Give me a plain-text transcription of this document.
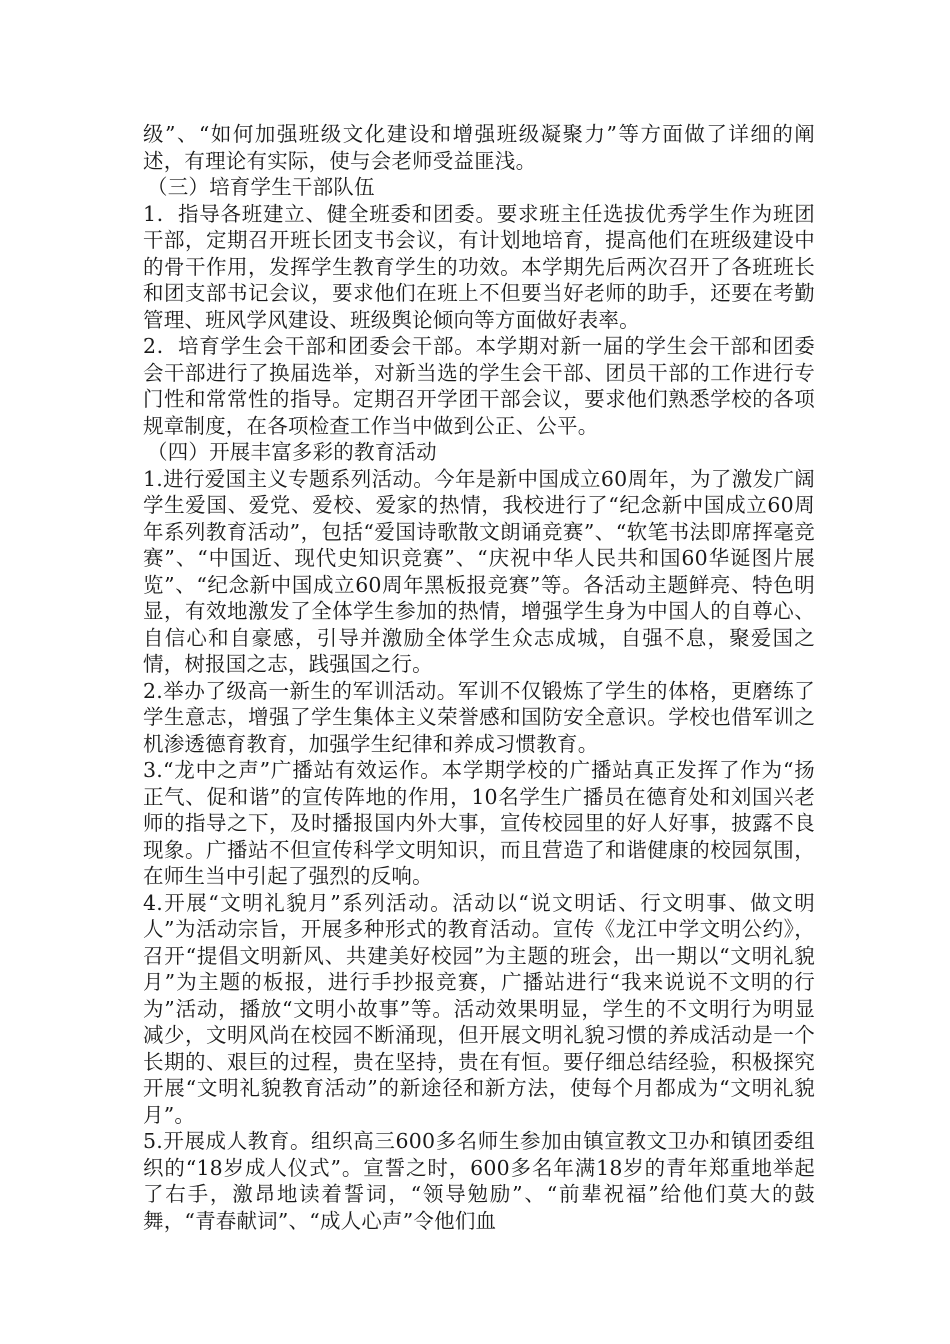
级”、“如何加强班级文化建设和增强班级凝聚力”等方面做了详细的阐述，有理论有实际，使与会老师受益匪浅。

（三）培育学生干部队伍

1．指导各班建立、健全班委和团委。要求班主任选拔优秀学生作为班团干部，定期召开班长团支书会议，有计划地培育，提高他们在班级建设中的骨干作用，发挥学生教育学生的功效。本学期先后两次召开了各班班长和团支部书记会议，要求他们在班上不但要当好老师的助手，还要在考勤管理、班风学风建设、班级舆论倾向等方面做好表率。

2．培育学生会干部和团委会干部。本学期对新一届的学生会干部和团委会干部进行了换届选举，对新当选的学生会干部、团员干部的工作进行专门性和常常性的指导。定期召开学团干部会议，要求他们熟悉学校的各项规章制度，在各项检查工作当中做到公正、公平。

（四）开展丰富多彩的教育活动

1.进行爱国主义专题系列活动。今年是新中国成立60周年，为了激发广阔学生爱国、爱党、爱校、爱家的热情，我校进行了“纪念新中国成立60周年系列教育活动”，包括“爱国诗歌散文朗诵竞赛”、“软笔书法即席挥毫竞赛”、“中国近、现代史知识竞赛”、“庆祝中华人民共和国60华诞图片展览”、“纪念新中国成立60周年黑板报竞赛”等。各活动主题鲜亮、特色明显，有效地激发了全体学生参加的热情，增强学生身为中国人的自尊心、自信心和自豪感，引导并激励全体学生众志成城，自强不息，聚爱国之情，树报国之志，践强国之行。

2.举办了级高一新生的军训活动。军训不仅锻炼了学生的体格，更磨练了学生意志，增强了学生集体主义荣誉感和国防安全意识。学校也借军训之机渗透德育教育，加强学生纪律和养成习惯教育。

3.“龙中之声”广播站有效运作。本学期学校的广播站真正发挥了作为“扬正气、促和谐”的宣传阵地的作用，10名学生广播员在德育处和刘国兴老师的指导之下，及时播报国内外大事，宣传校园里的好人好事，披露不良现象。广播站不但宣传科学文明知识，而且营造了和谐健康的校园氛围，在师生当中引起了强烈的反响。

4.开展“文明礼貌月”系列活动。活动以“说文明话、行文明事、做文明人”为活动宗旨，开展多种形式的教育活动。宣传《龙江中学文明公约》，召开“提倡文明新风、共建美好校园”为主题的班会，出一期以“文明礼貌月”为主题的板报，进行手抄报竞赛，广播站进行“我来说说不文明的行为”活动，播放“文明小故事”等。活动效果明显，学生的不文明行为明显减少，文明风尚在校园不断涌现，但开展文明礼貌习惯的养成活动是一个长期的、艰巨的过程，贵在坚持，贵在有恒。要仔细总结经验，积极探究开展“文明礼貌教育活动”的新途径和新方法，使每个月都成为“文明礼貌月”。

5.开展成人教育。组织高三600多名师生参加由镇宣教文卫办和镇团委组织的“18岁成人仪式”。宣誓之时，600多名年满18岁的青年郑重地举起了右手，激昂地读着誓词，“领导勉励”、“前辈祝福”给他们莫大的鼓舞，“青春献词”、“成人心声”令他们血
